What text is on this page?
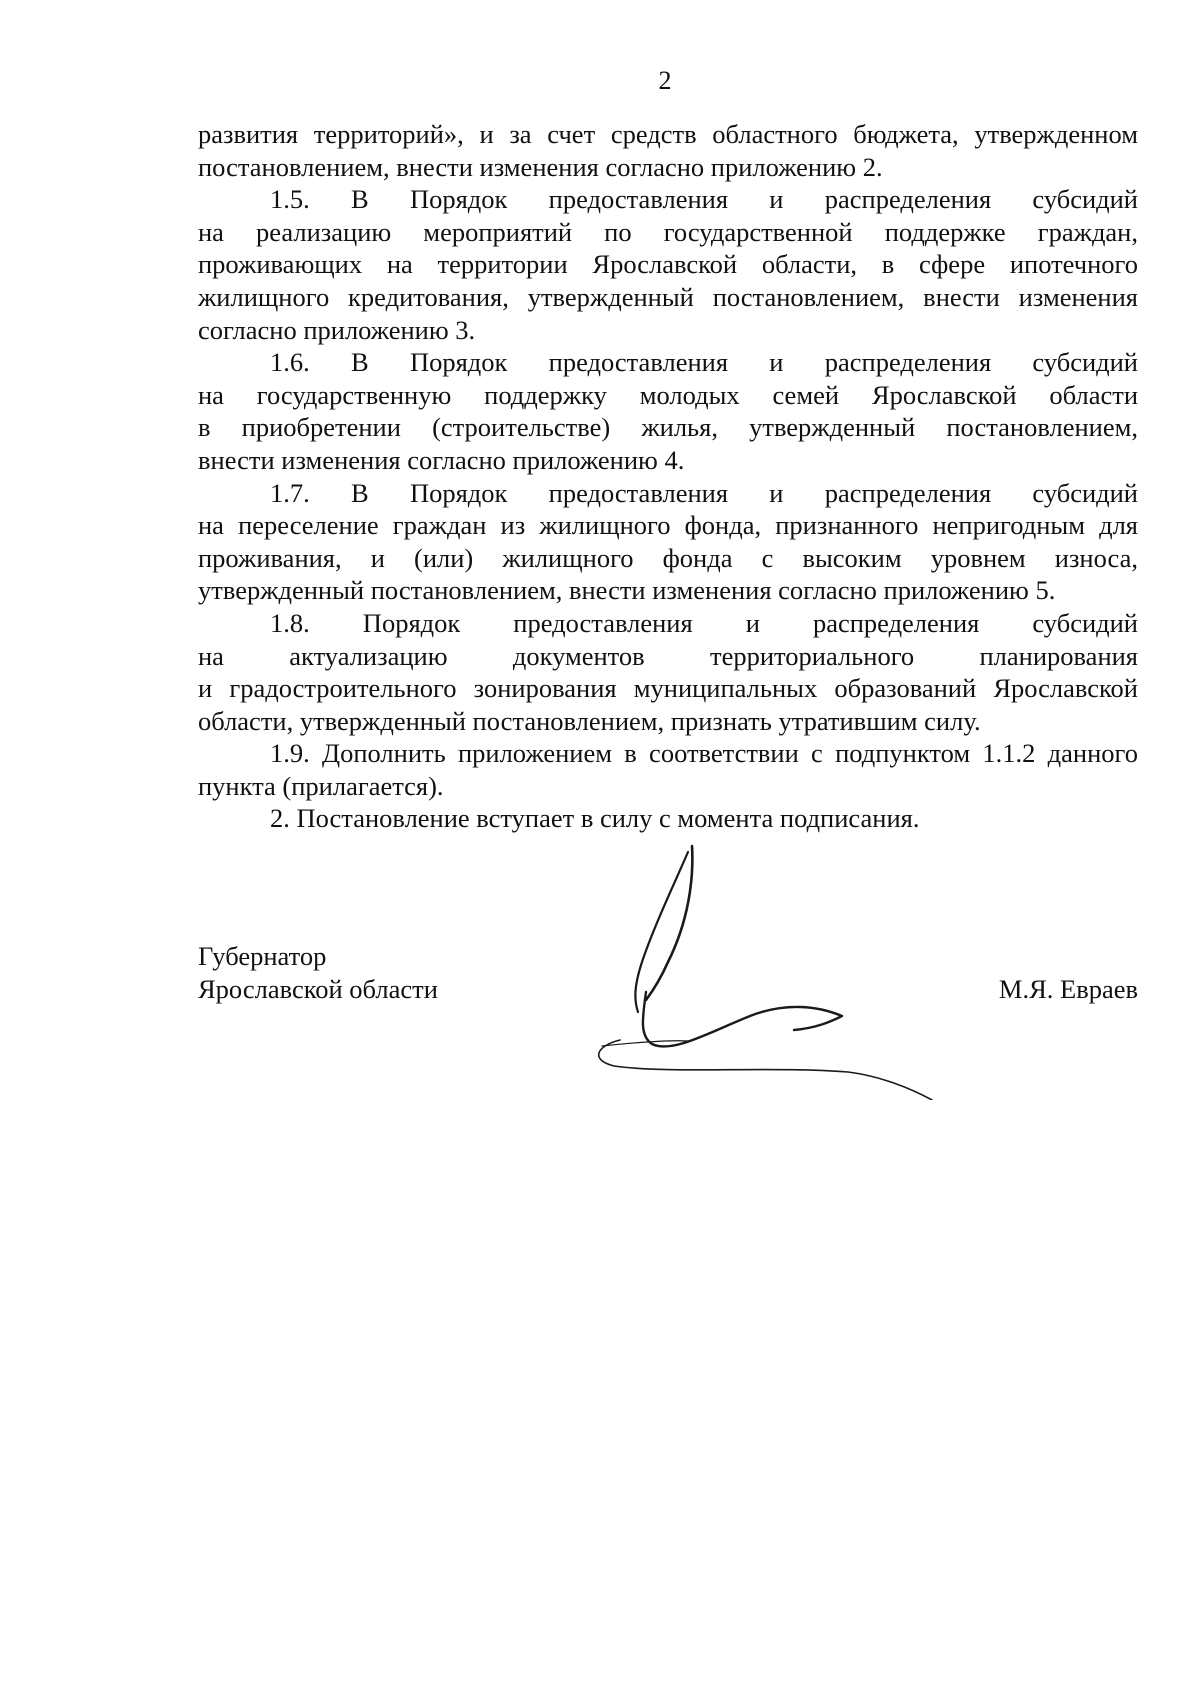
2

развития территорий», и за счет средств областного бюджета, утвержденном
постановлением, внести изменения согласно приложению 2.

1.5. В Порядок предоставления и распределения субсидий
на реализацию мероприятий по государственной поддержке граждан,
проживающих на территории Ярославской области, в сфере ипотечного
жилищного кредитования, утвержденный постановлением, внести изменения
согласно приложению 3.

1.6. В Порядок предоставления и распределения субсидий
на государственную поддержку молодых семей Ярославской области
в приобретении (строительстве) жилья, утвержденный постановлением,
внести изменения согласно приложению 4.

1.7. В Порядок предоставления и распределения субсидий
на переселение граждан из жилищного фонда, признанного непригодным для
проживания, и (или) жилищного фонда с высоким уровнем износа,
утвержденный постановлением, внести изменения согласно приложению 5.

1.8. Порядок предоставления и распределения субсидий
на актуализацию документов территориального планирования
и градостроительного зонирования муниципальных образований Ярославской
области, утвержденный постановлением, признать утратившим силу.

1.9. Дополнить приложением в соответствии с подпунктом 1.1.2 данного
пункта (прилагается).

2. Постановление вступает в силу с момента подписания.

Губернатор
Ярославской области	М.Я. Евраев
